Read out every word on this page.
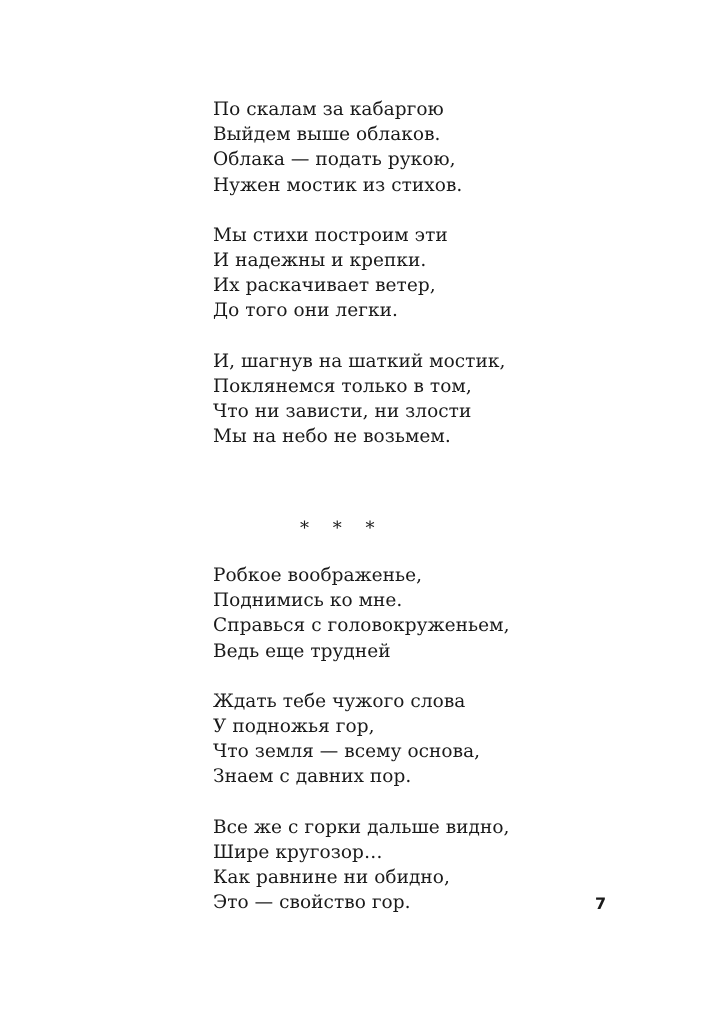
По скалам за кабаргою
Выйдем выше облаков.
Облака — подать рукою,
Нужен мостик из стихов.
Мы стихи построим эти
И надежны и крепки.
Их раскачивает ветер,
До того они легки.
И, шагнув на шаткий мостик,
Поклянемся только в том,
Что ни зависти, ни злости
Мы на небо не возьмем.
* * *
Робкое воображенье,
Поднимись ко мне.
Справься с головокруженьем,
Ведь еще трудней
Ждать тебе чужого слова
У подножья гор,
Что земля — всему основа,
Знаем с давних пор.
Все же с горки дальше видно,
Шире кругозор…
Как равнине ни обидно,
Это — свойство гор.	7
